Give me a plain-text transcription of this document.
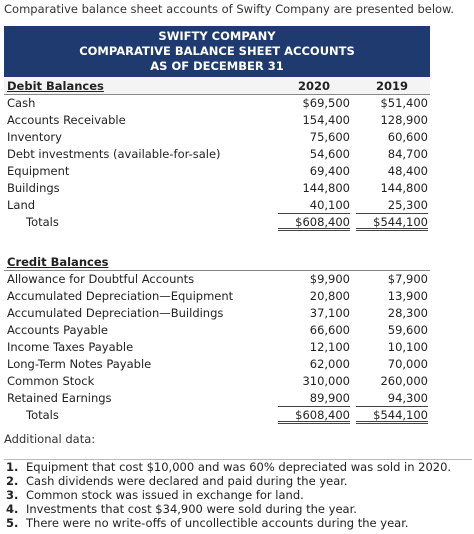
Comparative balance sheet accounts of Swifty Company are presented below.
SWIFTY COMPANY
COMPARATIVE BALANCE SHEET ACCOUNTS
AS OF DECEMBER 31
Debit Balances	2020	2019
Cash	$69,500	$51,400
Accounts Receivable	154,400	128,900
Inventory	75,600	60,600
Debt investments (available-for-sale)	54,600	84,700
Equipment	69,400	48,400
Buildings	144,800	144,800
Land	40,100	25,300
Totals	$608,400	$544,100
Credit Balances
Allowance for Doubtful Accounts	$9,900	$7,900
Accumulated Depreciation—Equipment	20,800	13,900
Accumulated Depreciation—Buildings	37,100	28,300
Accounts Payable	66,600	59,600
Income Taxes Payable	12,100	10,100
Long-Term Notes Payable	62,000	70,000
Common Stock	310,000	260,000
Retained Earnings	89,900	94,300
Totals	$608,400	$544,100
Additional data:
1. Equipment that cost $10,000 and was 60% depreciated was sold in 2020.
2. Cash dividends were declared and paid during the year.
3. Common stock was issued in exchange for land.
4. Investments that cost $34,900 were sold during the year.
5. There were no write-offs of uncollectible accounts during the year.
